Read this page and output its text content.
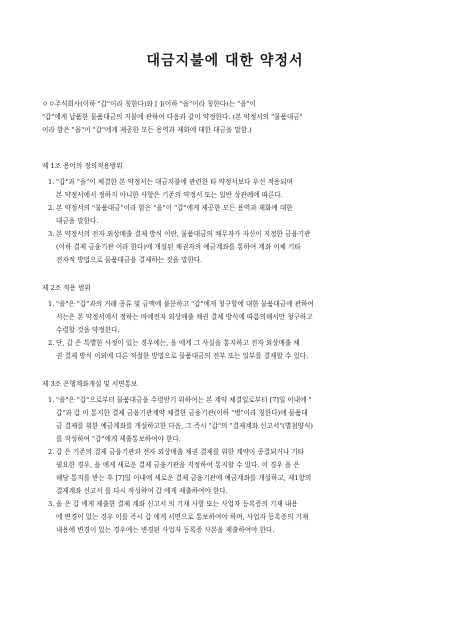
대금지불에 대한 약정서

ㅇㅇ주식회사(이하 "갑"이라 칭한다)와 [ ](이하 "을"이라 칭한다)는 "을"이

"갑"에게 납품한 물품대금의 지불에 관하여 다음과 같이 약정한다. (본 약정서의 "물품대금"

이라 함은 "을"이 "갑"에게 제공한 모든 용역과 재화에 대한 대금을 말함.)

제 1조 용어의 정의적용범위

1. "갑"과 "을"이 체결한 본 약정서는 대금지불에 관련한 타 약정서보다 우선 적용되며
본 약정서에서 정하지 아니한 사항은 기존의 약정서 또는 일반 상관례에 따른다.
2. 본 약정서의 "물품대금"이라 함은 "을"이 "갑"에게 제공한 모든 용역과 재화에 대한
대금을 말한다.
3. 본 약정서의 전자 외상매출 결제 방식 이란, 물품대금의 채무자가 자신이 지정한 금융기관
(이하 결제 금융기관 이라 한다)에 개설된 채권자의 예금계좌를 통하여 계좌 이체 기타
전자적 방법으로 물품대금을 결제하는 것을 말한다.

제 2조 적용 범위

1. "을"은 "갑"과의 거래 종류 및 금액에 불문하고 "갑"에게 청구할에 대한 물품대금에 관하여
서는은 본 약정서에서 정하는 바에전자 외상매출 채권 결제 방식에 따름의해서만 청구하고
수령할 것을 약정한다.
2. 단, 갑 은 특별한 사정이 있는 경우에는, 을 에게 그 사실을 통지하고 전자 외상매출 채
권 결제 방식 이외에 다른 적절한 방법으로 물품대금의 전부 또는 일부를 결제할 수 있다.

제 3조 은행계좌개설 및 서면통보

1. "을"은 "갑"으로부터 물품대금을 수령받기 위하여는 본 계약 체결일로부터 [7]일 이내에 "
갑"과 갑 이 통지한 결제 금융기관계약 체결한 금융기관(이하 "병"이라 칭한다)에 물품대
금 결제를 위한 예금계좌를 개설하고한 다음, 그 즉시 "갑"의 "결제계좌 신고서"(별첨양식)
를 작성하여 "갑"에게 제출통보하여야 한다.
2. 갑 은 기존의 결제 금융기관과 전자 외상매출 채권 결제를 위한 계약이 종결되거나 기타
필요한 경우, 을 에게 새로운 결제 금융기관을 지정하여 통지할 수 있다. 이 경우 을 은
해당 통지를 받는 후 [7]일 이내에 새로운 결제 금융기관에 예금계좌를 개설하고, 제1항의
결제계좌 신고서 를 다시 작성하여 갑 에게 제출하여야 한다.
3. 을 은 갑 에게 제출한 결제 계좌 신고서 의 기재 사항 또는 사업자 등록증의 기재 내용
에 변경이 있는 경우 이를 즉시 갑 에게 서면으로 통보하여야 하며, 사업자 등록증의 기재
내용에 변경이 있는 경우에는 변경된 사업자 등록증 사본을 제출하여야 한다.
